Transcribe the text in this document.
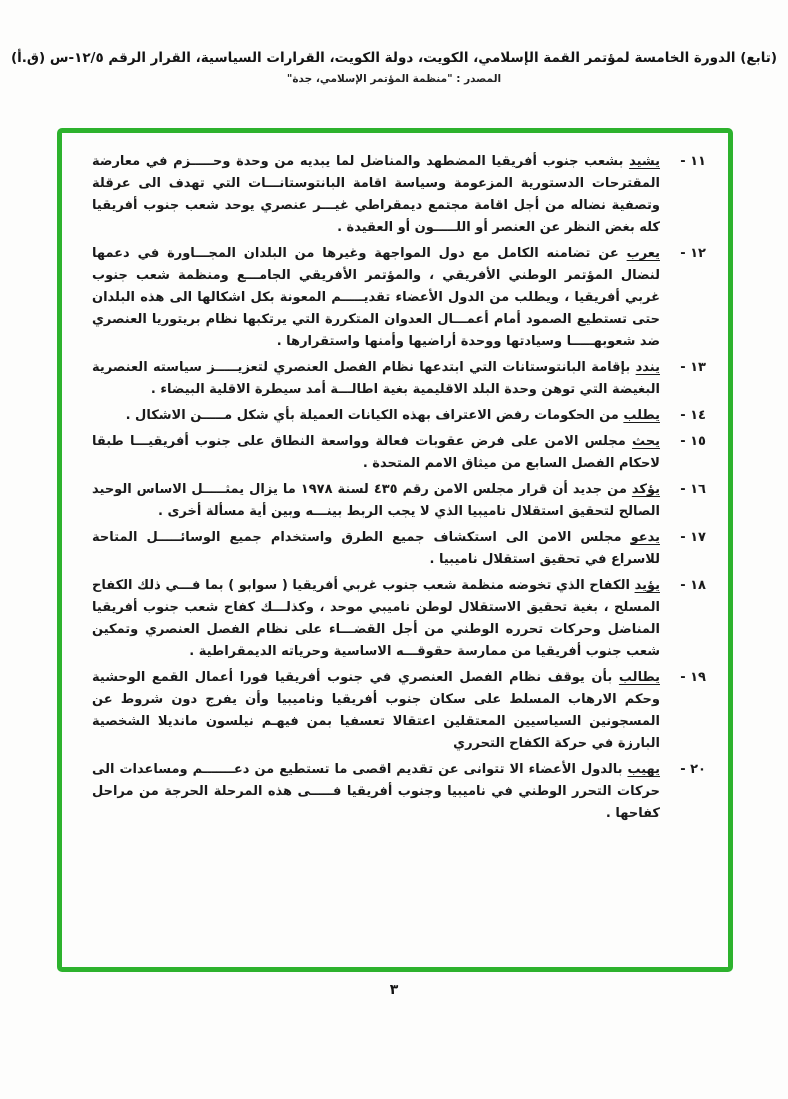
(تابع) الدورة الخامسة لمؤتمر القمة الإسلامي، الكويت، دولة الكويت، القرارات السياسية، القرار الرقم ١٢/٥-س (ق.أ)
المصدر : "منظمة المؤتمر الإسلامي، جدة"
١١ -
يشيد بشعب جنوب أفريقيا المضطهد والمناضل لما يبديه من وحدة وحـــــزم في معارضة المقترحات الدستورية المزعومة وسياسة اقامة البانتوستانـــات التي تهدف الى عرقلة وتصفية نضاله من أجل اقامة مجتمع ديمقراطي غيـــر عنصري يوحد شعب جنوب أفريقيا كله بغض النظر عن العنصر أو اللـــــون أو العقيدة .
١٢ -
يعرب عن تضامنه الكامل مع دول المواجهة وغيرها من البلدان المجـــاورة في دعمها لنضال المؤتمر الوطني الأفريقي ، والمؤتمر الأفريقي الجامـــع ومنظمة شعب جنوب غربي أفريقيا ، ويطلب من الدول الأعضاء تقديـــــم المعونة بكل اشكالها الى هذه البلدان حتى تستطيع الصمود أمام أعمـــال العدوان المتكررة التي يرتكبها نظام بريتوريا العنصري ضد شعوبهـــــا وسيادتها ووحدة أراضيها وأمنها واستقرارها .
١٣ -
يندد بإقامة البانتوستانات التي ابتدعها نظام الفصل العنصري لتعزيـــــز سياسته العنصرية البغيضة التي توهن وحدة البلد الاقليمية بغية اطالـــة أمد سيطرة الاقلية البيضاء .
١٤ -
يطلب من الحكومات رفض الاعتراف بهذه الكيانات العميلة بأي شكل مـــــن الاشكال .
١٥ -
يحث مجلس الامن على فرض عقوبات فعالة وواسعة النطاق على جنوب أفريقيـــا طبقا لاحكام الفصل السابع من ميثاق الامم المتحدة .
١٦ -
يؤكد من جديد أن قرار مجلس الامن رقم ٤٣٥ لسنة ١٩٧٨ ما يزال يمثـــــل الاساس الوحيد الصالح لتحقيق استقلال ناميبيا الذي لا يجب الربط بينـــه وبين أية مسألة أخرى .
١٧ -
يدعو مجلس الامن الى استكشاف جميع الطرق واستخدام جميع الوسائـــــل المتاحة للاسراع في تحقيق استقلال ناميبيا .
١٨ -
يؤيد الكفاح الذي تخوضه منظمة شعب جنوب غربي أفريقيا ( سوابو ) بما فـــي ذلك الكفاح المسلح ، بغية تحقيق الاستقلال لوطن ناميبي موحد ، وكذلـــك كفاح شعب جنوب أفريقيا المناضل وحركات تحرره الوطني من أجل القضـــاء على نظام الفصل العنصري وتمكين شعب جنوب أفريقيا من ممارسة حقوقـــه الاساسية وحرياته الديمقراطية .
١٩ -
يطالب بأن يوقف نظام الفصل العنصري في جنوب أفريقيا فورا أعمال القمع الوحشية وحكم الارهاب المسلط على سكان جنوب أفريقيا وناميبيا وأن يفرج دون شروط عن المسجونين السياسيين المعتقلين اعتقالا تعسفيا بمن فيهـم نيلسون مانديلا الشخصية البارزة في حركة الكفاح التحرري
٢٠ -
يهيب بالدول الأعضاء الا تتوانى عن تقديم اقصى ما تستطيع من دعـــــــم ومساعدات الى حركات التحرر الوطني في ناميبيا وجنوب أفريقيا فـــــى هذه المرحلة الحرجة من مراحل كفاحها .
٣
